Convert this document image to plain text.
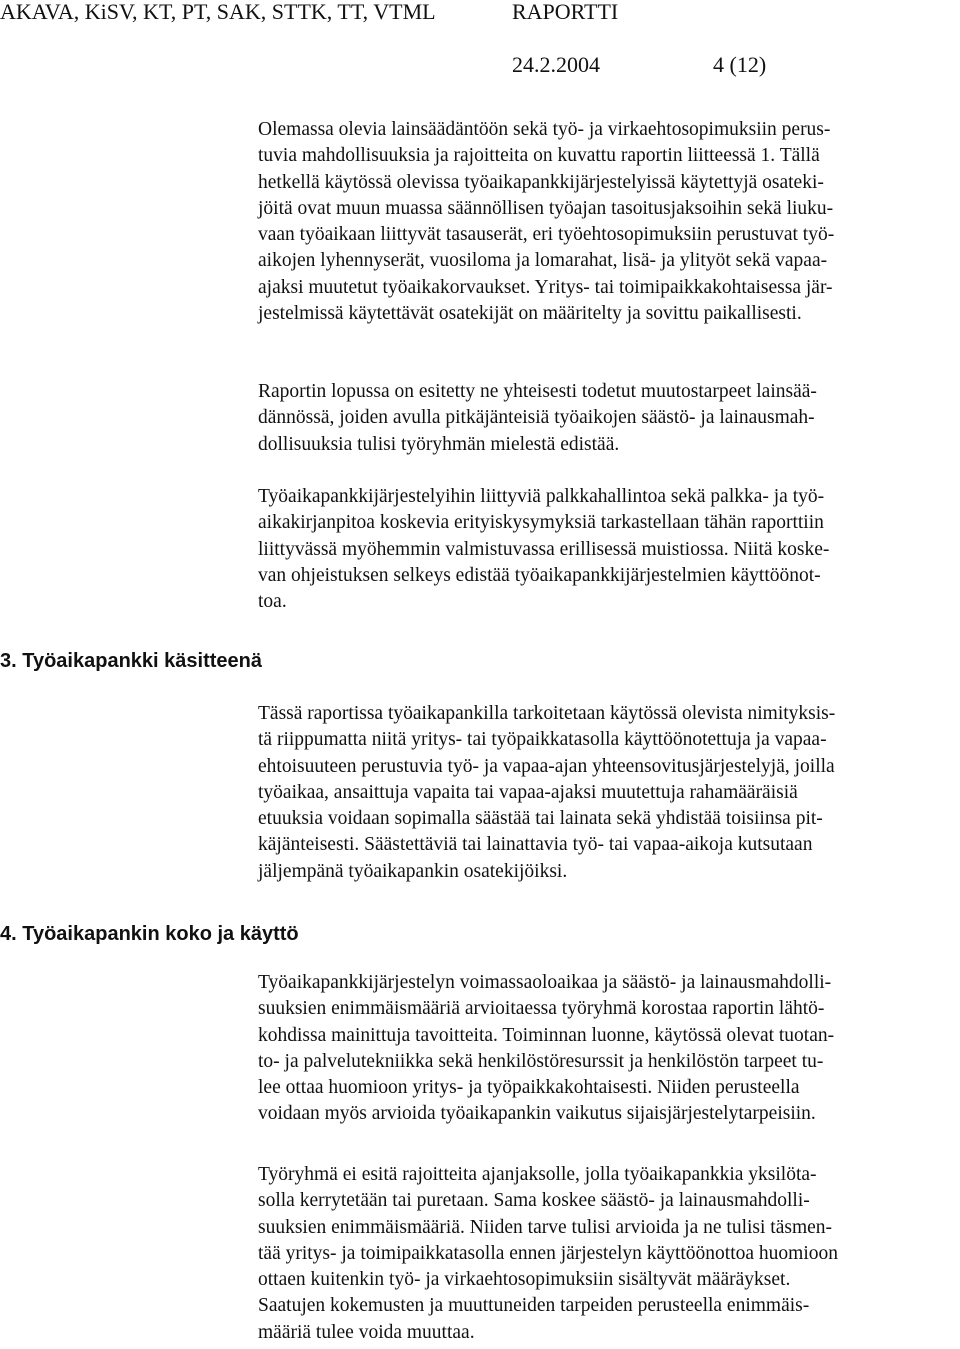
AKAVA, KiSV, KT, PT, SAK, STTK, TT, VTML	RAPORTTI
24.2.2004	4 (12)
3. Työaikapankki käsitteenä
4. Työaikapankin koko ja käyttö
Olemassa olevia lainsäädäntöön sekä työ- ja virkaehtosopimuksiin perus-
tuvia mahdollisuuksia ja rajoitteita on kuvattu raportin liitteessä 1. Tällä
hetkellä käytössä olevissa työaikapankkijärjestelyissä käytettyjä osateki-
jöitä ovat muun muassa säännöllisen työajan tasoitusjaksoihin sekä liuku-
vaan työaikaan liittyvät tasauserät, eri työehtosopimuksiin perustuvat työ-
aikojen lyhennyserät, vuosiloma ja lomarahat, lisä- ja ylityöt sekä vapaa-
ajaksi muutetut työaikakorvaukset. Yritys- tai toimipaikkakohtaisessa jär-
jestelmissä käytettävät osatekijät on määritelty ja sovittu paikallisesti.
Raportin lopussa on esitetty ne yhteisesti todetut muutostarpeet lainsää-
dännössä, joiden avulla pitkäjänteisiä työaikojen säästö- ja lainausmah-
dollisuuksia tulisi työryhmän mielestä edistää.
Työaikapankkijärjestelyihin liittyviä palkkahallintoa sekä palkka- ja työ-
aikakirjanpitoa koskevia erityiskysymyksiä tarkastellaan tähän raporttiin
liittyvässä myöhemmin valmistuvassa erillisessä muistiossa. Niitä koske-
van ohjeistuksen selkeys edistää työaikapankkijärjestelmien käyttöönot-
toa.
Tässä raportissa työaikapankilla tarkoitetaan käytössä olevista nimityksis-
tä riippumatta niitä yritys- tai työpaikkatasolla käyttöönotettuja ja vapaa-
ehtoisuuteen perustuvia työ- ja vapaa-ajan yhteensovitusjärjestelyjä, joilla
työaikaa, ansaittuja vapaita tai vapaa-ajaksi muutettuja rahamääräisiä
etuuksia voidaan sopimalla säästää tai lainata sekä yhdistää toisiinsa pit-
käjänteisesti. Säästettäviä tai lainattavia työ- tai vapaa-aikoja kutsutaan
jäljempänä työaikapankin osatekijöiksi.
Työaikapankkijärjestelyn voimassaoloaikaa ja säästö- ja lainausmahdolli-
suuksien enimmäismääriä arvioitaessa työryhmä korostaa raportin lähtö-
kohdissa mainittuja tavoitteita. Toiminnan luonne, käytössä olevat tuotan-
to- ja palvelutekniikka sekä henkilöstöresurssit ja henkilöstön tarpeet tu-
lee ottaa huomioon yritys- ja työpaikkakohtaisesti. Niiden perusteella
voidaan myös arvioida työaikapankin vaikutus sijaisjärjestelytarpeisiin.
Työryhmä ei esitä rajoitteita ajanjaksolle, jolla työaikapankkia yksilöta-
solla kerrytetään tai puretaan. Sama koskee säästö- ja lainausmahdolli-
suuksien enimmäismääriä. Niiden tarve tulisi arvioida ja ne tulisi täsmen-
tää yritys- ja toimipaikkatasolla ennen järjestelyn käyttöönottoa huomioon
ottaen kuitenkin työ- ja virkaehtosopimuksiin sisältyvät määräykset.
Saatujen kokemusten ja muuttuneiden tarpeiden perusteella enimmäis-
määriä tulee voida muuttaa.
